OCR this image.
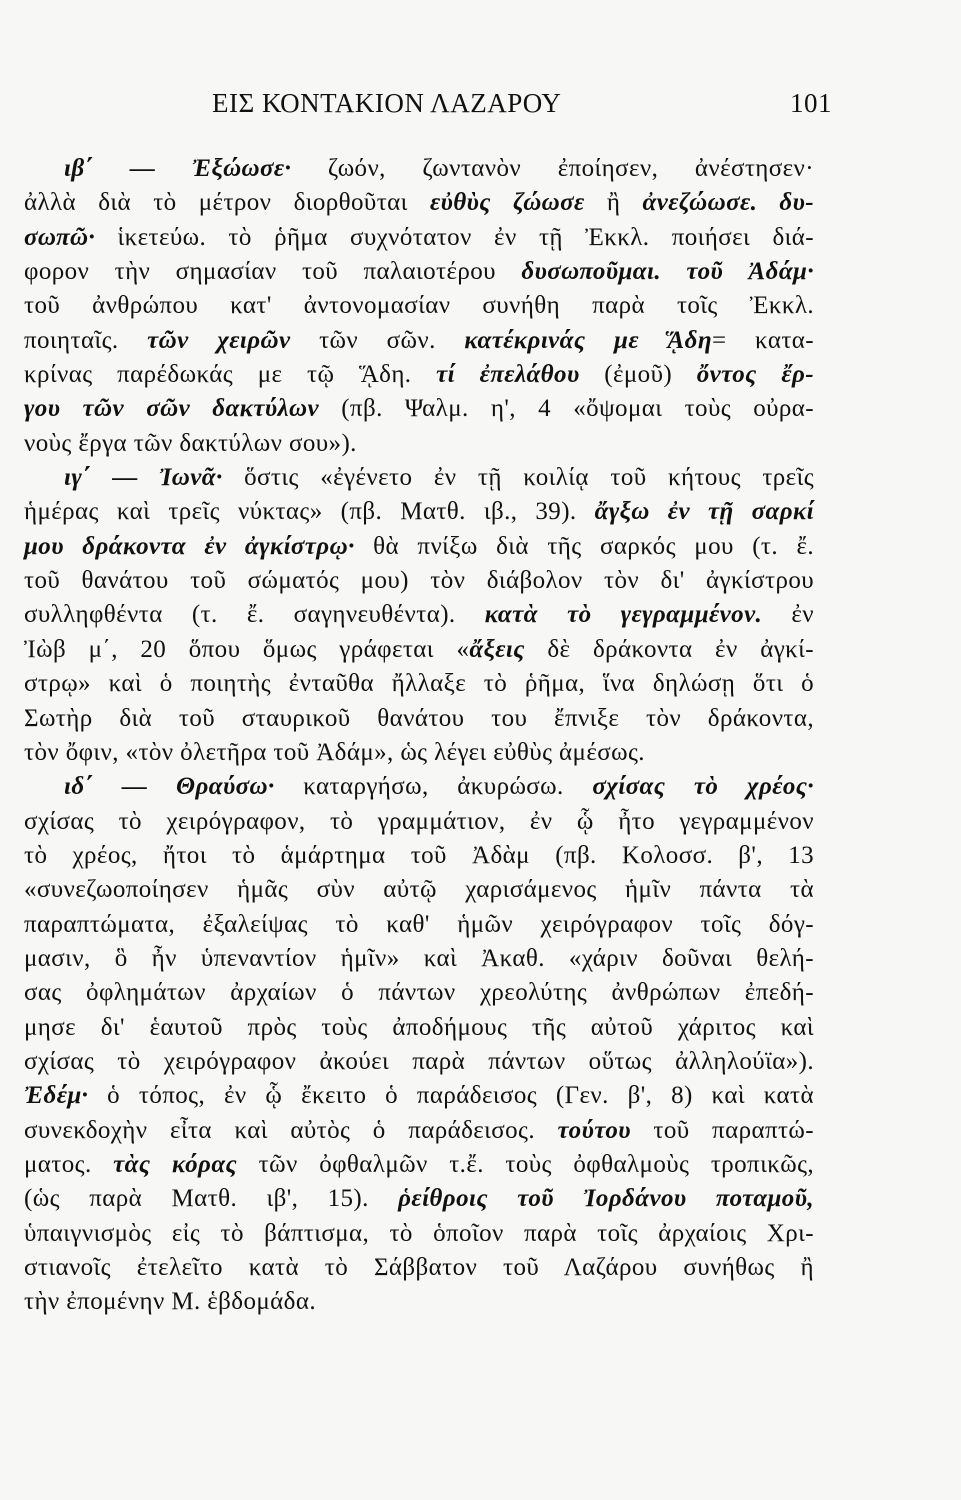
ΕΙΣ ΚΟΝΤΑΚΙΟΝ ΛΑΖΑΡΟΥ	101
ιβ΄ — Ἐξώωσε· ζωόν, ζωντανὸν ἐποίησεν, ἀνέστησεν·
ἀλλὰ διὰ τὸ μέτρον διορθοῦται εὐθὺς ζώωσε ἢ ἀνεζώωσε. δυ-
σωπῶ· ἱκετεύω. τὸ ῥῆμα συχνότατον ἐν τῇ Ἐκκλ. ποιήσει διά-
φορον τὴν σημασίαν τοῦ παλαιοτέρου δυσωποῦμαι. τοῦ Ἀδάμ·
τοῦ ἀνθρώπου κατ' ἀντονομασίαν συνήθη παρὰ τοῖς Ἐκκλ.
ποιηταῖς. τῶν χειρῶν τῶν σῶν. κατέκρινάς με ᾍδη= κατα-
κρίνας παρέδωκάς με τῷ ᾍδη. τί ἐπελάθου (ἐμοῦ) ὄντος ἔρ-
γου τῶν σῶν δακτύλων (πβ. Ψαλμ. η', 4 «ὄψομαι τοὺς οὐρα-
νοὺς ἔργα τῶν δακτύλων σου»).
ιγ΄ — Ἰωνᾶ· ὅστις «ἐγένετο ἐν τῇ κοιλίᾳ τοῦ κήτους τρεῖς
ἡμέρας καὶ τρεῖς νύκτας» (πβ. Ματθ. ιβ., 39). ἄγξω ἐν τῇ σαρκί
μου δράκοντα ἐν ἀγκίστρῳ· θὰ πνίξω διὰ τῆς σαρκός μου (τ. ἔ.
τοῦ θανάτου τοῦ σώματός μου) τὸν διάβολον τὸν δι' ἀγκίστρου
συλληφθέντα (τ. ἔ. σαγηνευθέντα). κατὰ τὸ γεγραμμένον. ἐν
Ἰὼβ μ΄, 20 ὅπου ὅμως γράφεται «ἄξεις δὲ δράκοντα ἐν ἀγκί-
στρῳ» καὶ ὁ ποιητὴς ἐνταῦθα ἤλλαξε τὸ ῥῆμα, ἵνα δηλώσῃ ὅτι ὁ
Σωτὴρ διὰ τοῦ σταυρικοῦ θανάτου του ἔπνιξε τὸν δράκοντα,
τὸν ὄφιν, «τὸν ὀλετῆρα τοῦ Ἀδάμ», ὡς λέγει εὐθὺς ἀμέσως.
ιδ΄ — Θραύσω· καταργήσω, ἀκυρώσω. σχίσας τὸ χρέος·
σχίσας τὸ χειρόγραφον, τὸ γραμμάτιον, ἐν ᾧ ἦτο γεγραμμένον
τὸ χρέος, ἤτοι τὸ ἁμάρτημα τοῦ Ἀδὰμ (πβ. Κολοσσ. β', 13
«συνεζωοποίησεν ἡμᾶς σὺν αὐτῷ χαρισάμενος ἡμῖν πάντα τὰ
παραπτώματα, ἐξαλείψας τὸ καθ' ἡμῶν χειρόγραφον τοῖς δόγ-
μασιν, ὃ ἦν ὑπεναντίον ἡμῖν» καὶ Ἀκαθ. «χάριν δοῦναι θελή-
σας ὀφλημάτων ἀρχαίων ὁ πάντων χρεολύτης ἀνθρώπων ἐπεδή-
μησε δι' ἑαυτοῦ πρὸς τοὺς ἀποδήμους τῆς αὐτοῦ χάριτος καὶ
σχίσας τὸ χειρόγραφον ἀκούει παρὰ πάντων οὕτως ἀλληλούϊα»).
Ἐδέμ· ὁ τόπος, ἐν ᾧ ἔκειτο ὁ παράδεισος (Γεν. β', 8) καὶ κατὰ
συνεκδοχὴν εἶτα καὶ αὐτὸς ὁ παράδεισος. τούτου τοῦ παραπτώ-
ματος. τὰς κόρας τῶν ὀφθαλμῶν τ.ἔ. τοὺς ὀφθαλμοὺς τροπικῶς,
(ὡς παρὰ Ματθ. ιβ', 15). ῥείθροις τοῦ Ἰορδάνου ποταμοῦ,
ὑπαιγνισμὸς εἰς τὸ βάπτισμα, τὸ ὁποῖον παρὰ τοῖς ἀρχαίοις Χρι-
στιανοῖς ἐτελεῖτο κατὰ τὸ Σάββατον τοῦ Λαζάρου συνήθως ἢ
τὴν ἐπομένην Μ. ἑβδομάδα.
